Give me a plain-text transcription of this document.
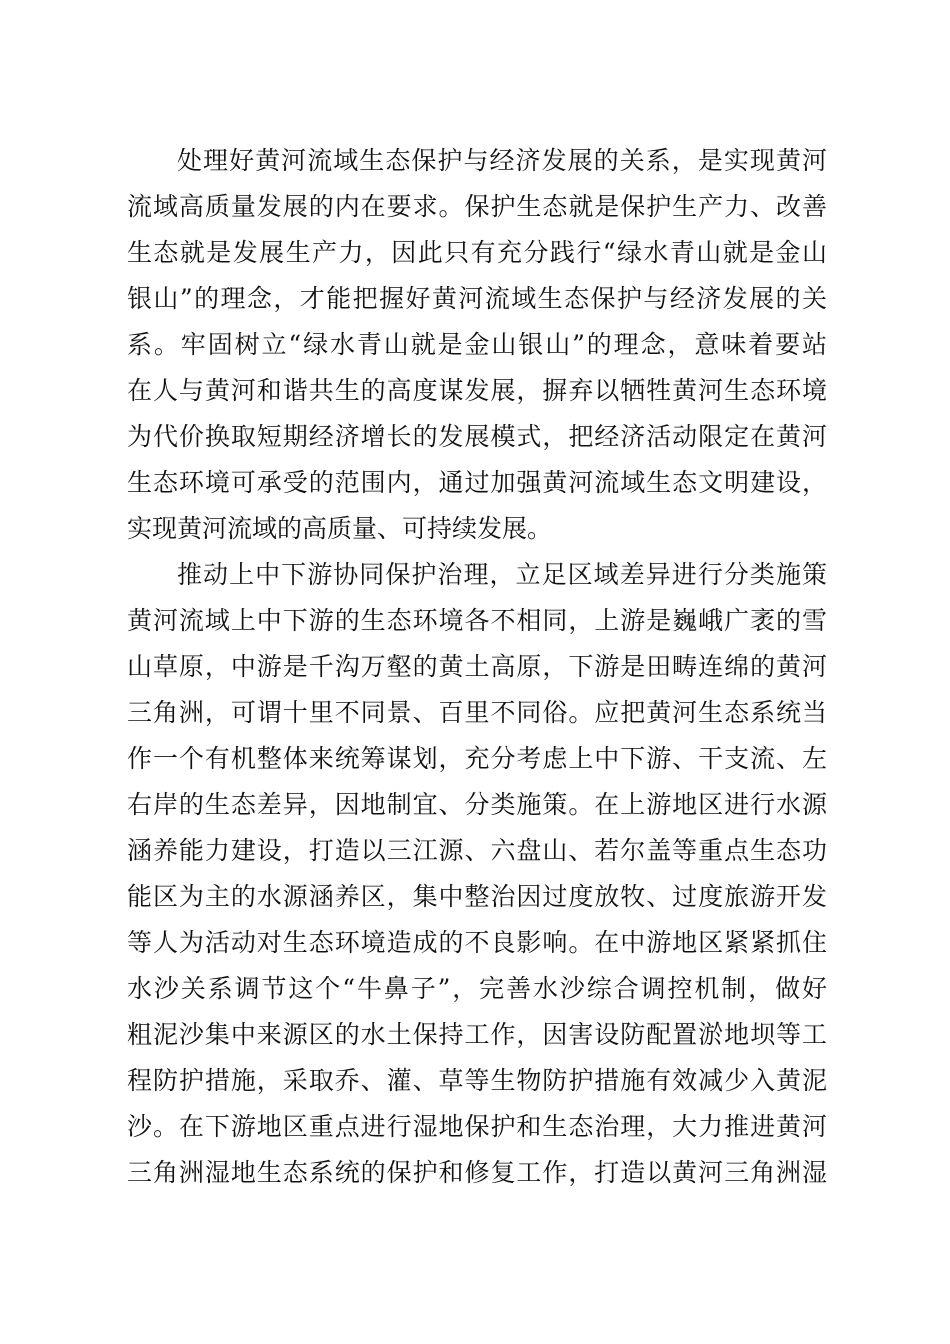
处理好黄河流域生态保护与经济发展的关系，是实现黄河
流域高质量发展的内在要求。保护生态就是保护生产力、改善
生态就是发展生产力，因此只有充分践行“绿水青山就是金山
银山”的理念，才能把握好黄河流域生态保护与经济发展的关
系。牢固树立“绿水青山就是金山银山”的理念，意味着要站
在人与黄河和谐共生的高度谋发展，摒弃以牺牲黄河生态环境
为代价换取短期经济增长的发展模式，把经济活动限定在黄河
生态环境可承受的范围内，通过加强黄河流域生态文明建设，
实现黄河流域的高质量、可持续发展。
推动上中下游协同保护治理，立足区域差异进行分类施策
黄河流域上中下游的生态环境各不相同，上游是巍峨广袤的雪
山草原，中游是千沟万壑的黄土高原，下游是田畴连绵的黄河
三角洲，可谓十里不同景、百里不同俗。应把黄河生态系统当
作一个有机整体来统筹谋划，充分考虑上中下游、干支流、左
右岸的生态差异，因地制宜、分类施策。在上游地区进行水源
涵养能力建设，打造以三江源、六盘山、若尔盖等重点生态功
能区为主的水源涵养区，集中整治因过度放牧、过度旅游开发
等人为活动对生态环境造成的不良影响。在中游地区紧紧抓住
水沙关系调节这个“牛鼻子”，完善水沙综合调控机制，做好
粗泥沙集中来源区的水土保持工作，因害设防配置淤地坝等工
程防护措施，采取乔、灌、草等生物防护措施有效减少入黄泥
沙。在下游地区重点进行湿地保护和生态治理，大力推进黄河
三角洲湿地生态系统的保护和修复工作，打造以黄河三角洲湿
